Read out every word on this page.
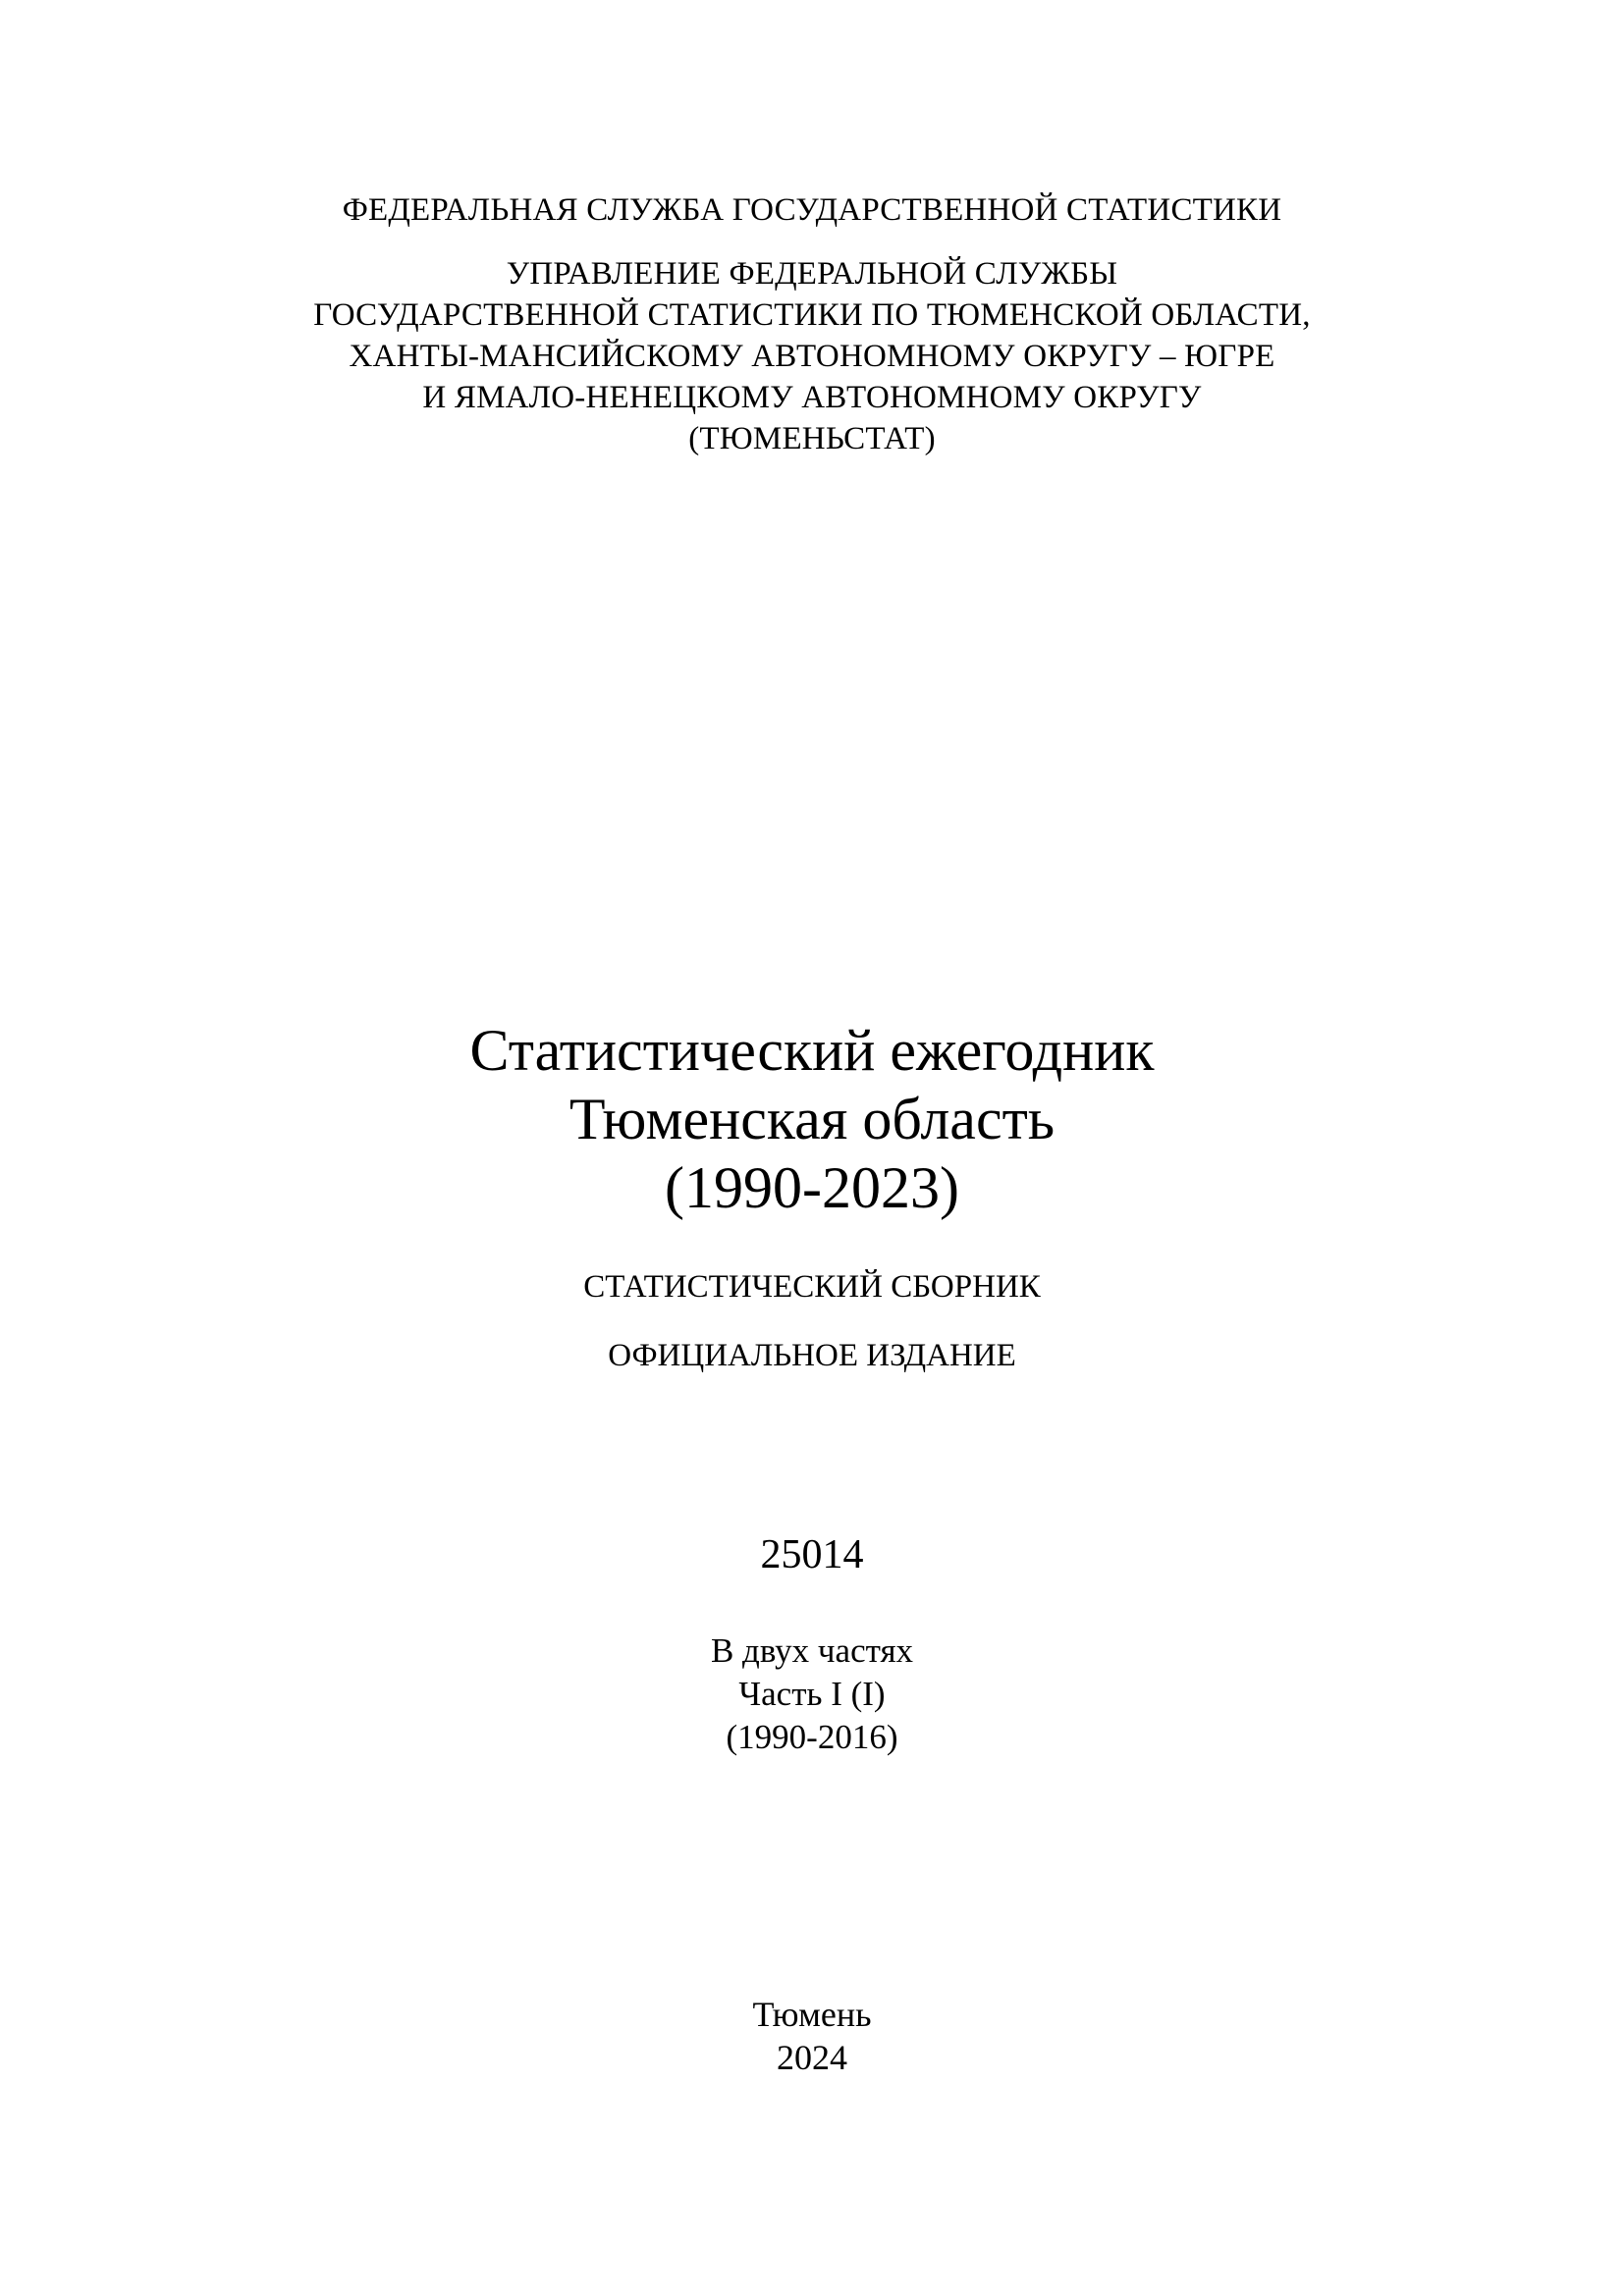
ФЕДЕРАЛЬНАЯ СЛУЖБА ГОСУДАРСТВЕННОЙ СТАТИСТИКИ
УПРАВЛЕНИЕ ФЕДЕРАЛЬНОЙ СЛУЖБЫ
ГОСУДАРСТВЕННОЙ СТАТИСТИКИ ПО ТЮМЕНСКОЙ ОБЛАСТИ,
ХАНТЫ-МАНСИЙСКОМУ АВТОНОМНОМУ ОКРУГУ – ЮГРЕ
И ЯМАЛО-НЕНЕЦКОМУ АВТОНОМНОМУ ОКРУГУ
(ТЮМЕНЬСТАТ)
Статистический ежегодник
Тюменская область
(1990-2023)
СТАТИСТИЧЕСКИЙ СБОРНИК
ОФИЦИАЛЬНОЕ ИЗДАНИЕ
25014
В двух частях
Часть I (I)
(1990-2016)
Тюмень
2024
